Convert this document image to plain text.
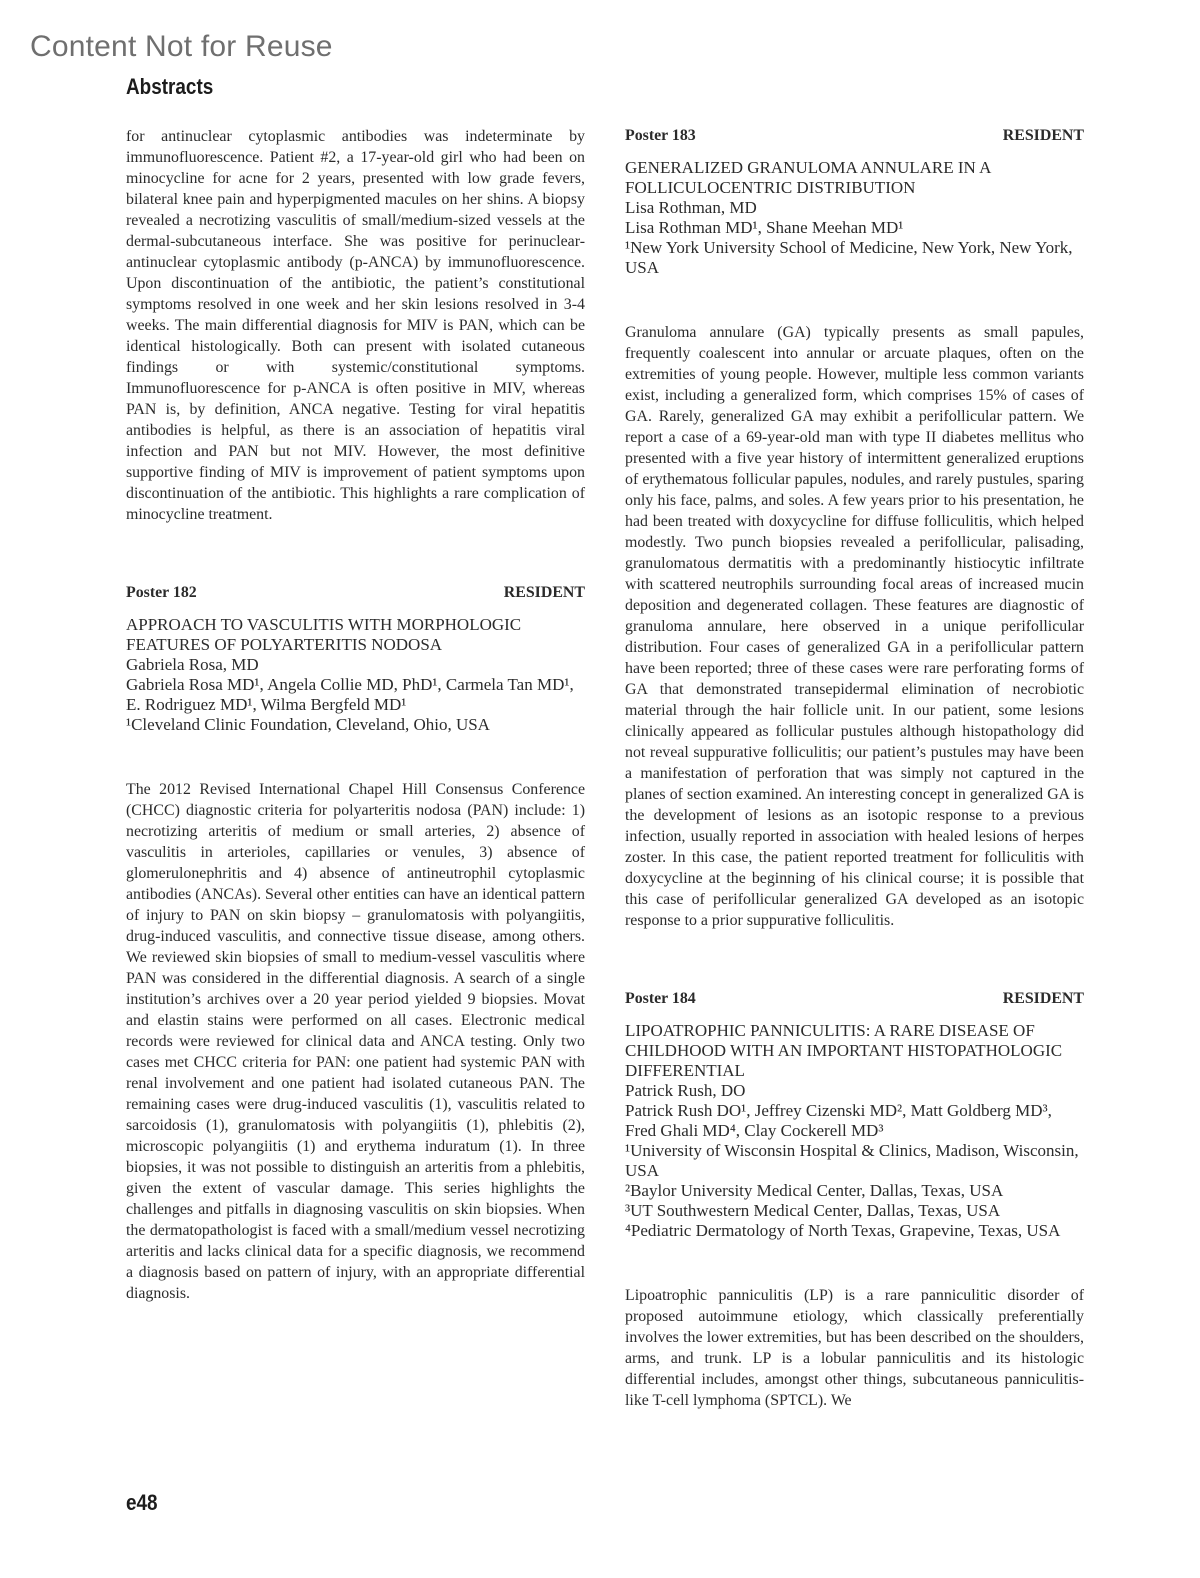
Content Not for Reuse
Abstracts

for antinuclear cytoplasmic antibodies was indeterminate by immunofluorescence. Patient #2, a 17-year-old girl who had been on minocycline for acne for 2 years, presented with low grade fevers, bilateral knee pain and hyperpigmented macules on her shins. A biopsy revealed a necrotizing vasculitis of small/medium-sized vessels at the dermal-subcutaneous interface. She was positive for perinuclear-antinuclear cytoplasmic antibody (p-ANCA) by immunofluorescence. Upon discontinuation of the antibiotic, the patient’s constitutional symptoms resolved in one week and her skin lesions resolved in 3-4 weeks. The main differential diagnosis for MIV is PAN, which can be identical histologically. Both can present with isolated cutaneous findings or with systemic/constitutional symptoms. Immunofluorescence for p-ANCA is often positive in MIV, whereas PAN is, by definition, ANCA negative. Testing for viral hepatitis antibodies is helpful, as there is an association of hepatitis viral infection and PAN but not MIV. However, the most definitive supportive finding of MIV is improvement of patient symptoms upon discontinuation of the antibiotic. This highlights a rare complication of minocycline treatment.

Poster 182	RESIDENT
APPROACH TO VASCULITIS WITH MORPHOLOGIC FEATURES OF POLYARTERITIS NODOSA
Gabriela Rosa, MD
Gabriela Rosa MD¹, Angela Collie MD, PhD¹, Carmela Tan MD¹, E. Rodriguez MD¹, Wilma Bergfeld MD¹
¹Cleveland Clinic Foundation, Cleveland, Ohio, USA

The 2012 Revised International Chapel Hill Consensus Conference (CHCC) diagnostic criteria for polyarteritis nodosa (PAN) include: 1) necrotizing arteritis of medium or small arteries, 2) absence of vasculitis in arterioles, capillaries or venules, 3) absence of glomerulonephritis and 4) absence of antineutrophil cytoplasmic antibodies (ANCAs). Several other entities can have an identical pattern of injury to PAN on skin biopsy – granulomatosis with polyangiitis, drug-induced vasculitis, and connective tissue disease, among others. We reviewed skin biopsies of small to medium-vessel vasculitis where PAN was considered in the differential diagnosis. A search of a single institution’s archives over a 20 year period yielded 9 biopsies. Movat and elastin stains were performed on all cases. Electronic medical records were reviewed for clinical data and ANCA testing. Only two cases met CHCC criteria for PAN: one patient had systemic PAN with renal involvement and one patient had isolated cutaneous PAN. The remaining cases were drug-induced vasculitis (1), vasculitis related to sarcoidosis (1), granulomatosis with polyangiitis (1), phlebitis (2), microscopic polyangiitis (1) and erythema induratum (1). In three biopsies, it was not possible to distinguish an arteritis from a phlebitis, given the extent of vascular damage. This series highlights the challenges and pitfalls in diagnosing vasculitis on skin biopsies. When the dermatopathologist is faced with a small/medium vessel necrotizing arteritis and lacks clinical data for a specific diagnosis, we recommend a diagnosis based on pattern of injury, with an appropriate differential diagnosis.

Poster 183	RESIDENT
GENERALIZED GRANULOMA ANNULARE IN A FOLLICULOCENTRIC DISTRIBUTION
Lisa Rothman, MD
Lisa Rothman MD¹, Shane Meehan MD¹
¹New York University School of Medicine, New York, New York, USA

Granuloma annulare (GA) typically presents as small papules, frequently coalescent into annular or arcuate plaques, often on the extremities of young people. However, multiple less common variants exist, including a generalized form, which comprises 15% of cases of GA. Rarely, generalized GA may exhibit a perifollicular pattern. We report a case of a 69-year-old man with type II diabetes mellitus who presented with a five year history of intermittent generalized eruptions of erythematous follicular papules, nodules, and rarely pustules, sparing only his face, palms, and soles. A few years prior to his presentation, he had been treated with doxycycline for diffuse folliculitis, which helped modestly. Two punch biopsies revealed a perifollicular, palisading, granulomatous dermatitis with a predominantly histiocytic infiltrate with scattered neutrophils surrounding focal areas of increased mucin deposition and degenerated collagen. These features are diagnostic of granuloma annulare, here observed in a unique perifollicular distribution. Four cases of generalized GA in a perifollicular pattern have been reported; three of these cases were rare perforating forms of GA that demonstrated transepidermal elimination of necrobiotic material through the hair follicle unit. In our patient, some lesions clinically appeared as follicular pustules although histopathology did not reveal suppurative folliculitis; our patient’s pustules may have been a manifestation of perforation that was simply not captured in the planes of section examined. An interesting concept in generalized GA is the development of lesions as an isotopic response to a previous infection, usually reported in association with healed lesions of herpes zoster. In this case, the patient reported treatment for folliculitis with doxycycline at the beginning of his clinical course; it is possible that this case of perifollicular generalized GA developed as an isotopic response to a prior suppurative folliculitis.

Poster 184	RESIDENT
LIPOATROPHIC PANNICULITIS: A RARE DISEASE OF CHILDHOOD WITH AN IMPORTANT HISTOPATHOLOGIC DIFFERENTIAL
Patrick Rush, DO
Patrick Rush DO¹, Jeffrey Cizenski MD², Matt Goldberg MD³, Fred Ghali MD⁴, Clay Cockerell MD³
¹University of Wisconsin Hospital & Clinics, Madison, Wisconsin, USA
²Baylor University Medical Center, Dallas, Texas, USA
³UT Southwestern Medical Center, Dallas, Texas, USA
⁴Pediatric Dermatology of North Texas, Grapevine, Texas, USA

Lipoatrophic panniculitis (LP) is a rare panniculitic disorder of proposed autoimmune etiology, which classically preferentially involves the lower extremities, but has been described on the shoulders, arms, and trunk. LP is a lobular panniculitis and its histologic differential includes, amongst other things, subcutaneous panniculitis-like T-cell lymphoma (SPTCL). We

e48
